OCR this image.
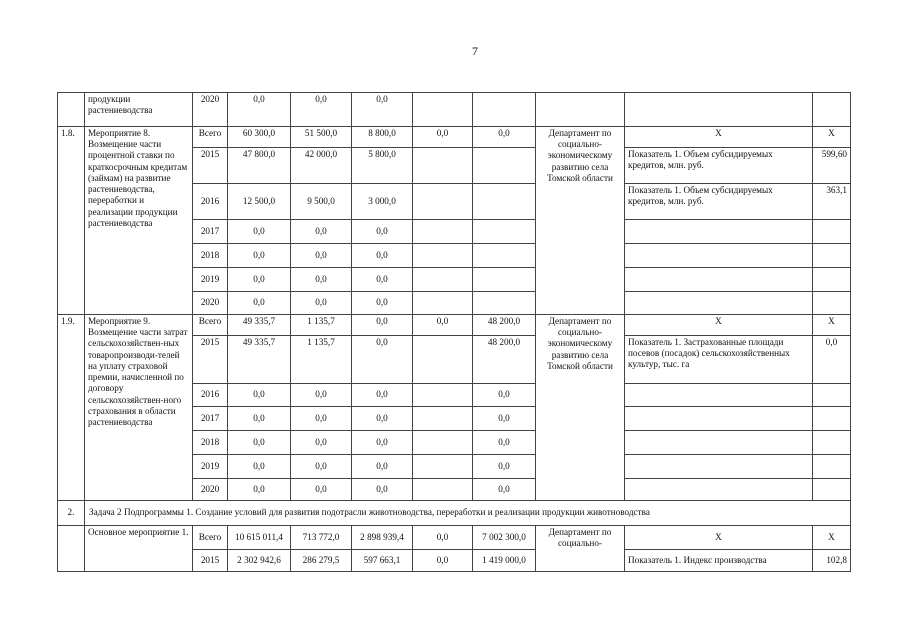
7
	продукции растениеводства	2020	0,0	0,0	0,0					
1.8.	Мероприятие 8. Возмещение части процентной ставки по краткосрочным кредитам (займам) на развитие растениеводства, переработки и реализации продукции растениеводства	Всего	60 300,0	51 500,0	8 800,0	0,0	0,0	Департамент по социально-экономическому развитию села Томской области	Х	Х
		2015	47 800,0	42 000,0	5 800,0				Показатель 1. Объем субсидируемых кредитов, млн. руб.	599,60
		2016	12 500,0	9 500,0	3 000,0				Показатель 1. Объем субсидируемых кредитов, млн. руб.	363,1
		2017	0,0	0,0	0,0					
		2018	0,0	0,0	0,0					
		2019	0,0	0,0	0,0					
		2020	0,0	0,0	0,0					
1.9.	Мероприятие 9. Возмещение части затрат сельскохозяйствен-ных товаропроизводи-телей на уплату страховой премии, начисленной по договору сельскохозяйствен-ного страхования в области растениеводства	Всего	49 335,7	1 135,7	0,0	0,0	48 200,0	Департамент по социально-экономическому развитию села Томской области	Х	Х
		2015	49 335,7	1 135,7	0,0		48 200,0		Показатель 1. Застрахованные площади посевов (посадок) сельскохозяйственных культур, тыс. га	0,0
		2016	0,0	0,0	0,0		0,0			
		2017	0,0	0,0	0,0		0,0			
		2018	0,0	0,0	0,0		0,0			
		2019	0,0	0,0	0,0		0,0			
		2020	0,0	0,0	0,0		0,0			
2.	Задача 2 Подпрограммы 1. Создание условий для развития подотрасли животноводства, переработки и реализации продукции животноводства									
	Основное мероприятие 1.	Всего	10 615 011,4	713 772,0	2 898 939,4	0,0	7 002 300,0	Департамент по социально-	Х	Х
		2015	2 302 942,6	286 279,5	597 663,1	0,0	1 419 000,0		Показатель 1. Индекс производства	102,8
